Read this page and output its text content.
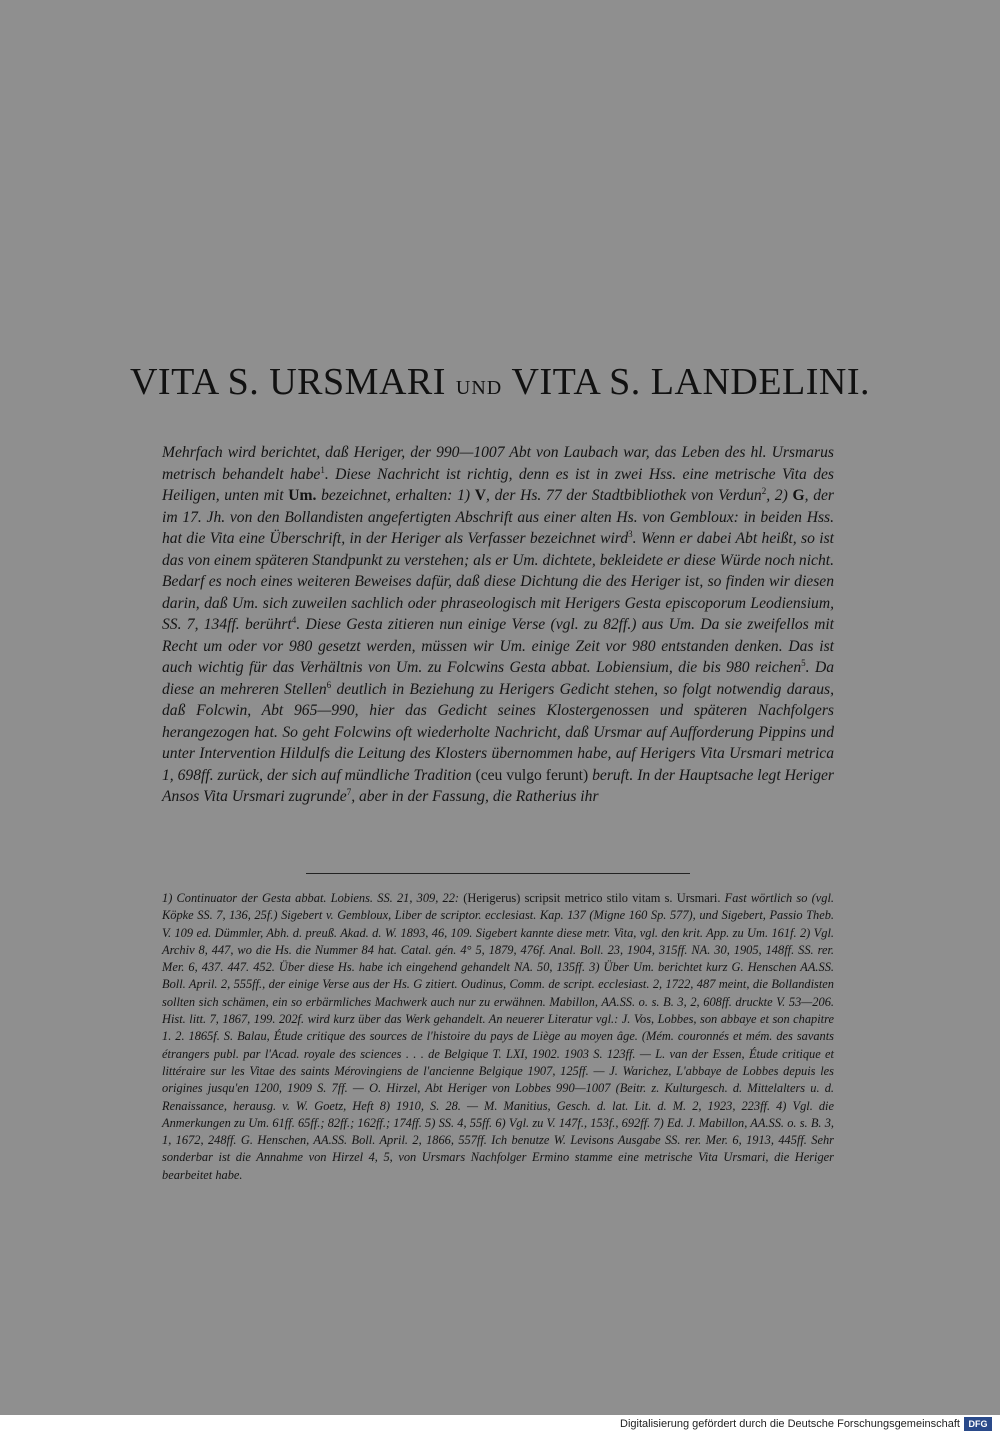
VITA S. URSMARI UND VITA S. LANDELINI.

Mehrfach wird berichtet, daß Heriger, der 990—1007 Abt von Laubach war, das Leben des hl. Ursmarus metrisch behandelt habe$^1$. Diese Nachricht ist richtig, denn es ist in zwei Hss. eine metrische Vita des Heiligen, unten mit Um. bezeichnet, erhalten: 1) V, der Hs. 77 der Stadtbibliothek von Verdun$^2$, 2) G, der im 17. Jh. von den Bollandisten angefertigten Abschrift aus einer alten Hs. von Gembloux: in beiden Hss. hat die Vita eine Überschrift, in der Heriger als Verfasser bezeichnet wird$^3$. Wenn er dabei Abt heißt, so ist das von einem späteren Standpunkt zu verstehen; als er Um. dichtete, bekleidete er diese Würde noch nicht. Bedarf es noch eines weiteren Beweises dafür, daß diese Dichtung die des Heriger ist, so finden wir diesen darin, daß Um. sich zuweilen sachlich oder phraseologisch mit Herigers Gesta episcoporum Leodiensium, SS. 7, 134ff. berührt$^4$. Diese Gesta zitieren nun einige Verse (vgl. zu 82ff.) aus Um. Da sie zweifellos mit Recht um oder vor 980 gesetzt werden, müssen wir Um. einige Zeit vor 980 entstanden denken. Das ist auch wichtig für das Verhältnis von Um. zu Folcwins Gesta abbat. Lobiensium, die bis 980 reichen$^5$. Da diese an mehreren Stellen$^6$ deutlich in Beziehung zu Herigers Gedicht stehen, so folgt notwendig daraus, daß Folcwin, Abt 965—990, hier das Gedicht seines Klostergenossen und späteren Nachfolgers herangezogen hat. So geht Folcwins oft wiederholte Nachricht, daß Ursmar auf Aufforderung Pippins und unter Intervention Hildulfs die Leitung des Klosters übernommen habe, auf Herigers Vita Ursmari metrica 1, 698ff. zurück, der sich auf mündliche Tradition (ceu vulgo ferunt) beruft. In der Hauptsache legt Heriger Ansos Vita Ursmari zugrunde$^7$, aber in der Fassung, die Ratherius ihr

1) Continuator der Gesta abbat. Lobiens. SS. 21, 309, 22: (Herigerus) scripsit metrico stilo vitam s. Ursmari. Fast wörtlich so (vgl. Köpke SS. 7, 136, 25f.) Sigebert v. Gembloux, Liber de scriptor. ecclesiast. Kap. 137 (Migne 160 Sp. 577), und Sigebert, Passio Theb. V. 109 ed. Dümmler, Abh. d. preuß. Akad. d. W. 1893, 46, 109. Sigebert kannte diese metr. Vita, vgl. den krit. App. zu Um. 161f. 2) Vgl. Archiv 8, 447, wo die Hs. die Nummer 84 hat. Catal. gén. 4° 5, 1879, 476f. Anal. Boll. 23, 1904, 315ff. NA. 30, 1905, 148ff. SS. rer. Mer. 6, 437. 447. 452. Über diese Hs. habe ich eingehend gehandelt NA. 50, 135ff. 3) Über Um. berichtet kurz G. Henschen AA.SS. Boll. April. 2, 555ff., der einige Verse aus der Hs. G zitiert. Oudinus, Comm. de script. ecclesiast. 2, 1722, 487 meint, die Bollandisten sollten sich schämen, ein so erbärmliches Machwerk auch nur zu erwähnen. Mabillon, AA.SS. o. s. B. 3, 2, 608ff. druckte V. 53—206. Hist. litt. 7, 1867, 199. 202f. wird kurz über das Werk gehandelt. An neuerer Literatur vgl.: J. Vos, Lobbes, son abbaye et son chapitre 1. 2. 1865f. S. Balau, Étude critique des sources de l'histoire du pays de Liège au moyen âge. (Mém. couronnés et mém. des savants étrangers publ. par l'Acad. royale des sciences . . . de Belgique T. LXI, 1902. 1903 S. 123ff. — L. van der Essen, Étude critique et littéraire sur les Vitae des saints Mérovingiens de l'ancienne Belgique 1907, 125ff. — J. Warichez, L'abbaye de Lobbes depuis les origines jusqu'en 1200, 1909 S. 7ff. — O. Hirzel, Abt Heriger von Lobbes 990—1007 (Beitr. z. Kulturgesch. d. Mittelalters u. d. Renaissance, herausg. v. W. Goetz, Heft 8) 1910, S. 28. — M. Manitius, Gesch. d. lat. Lit. d. M. 2, 1923, 223ff. 4) Vgl. die Anmerkungen zu Um. 61ff. 65ff.; 82ff.; 162ff.; 174ff. 5) SS. 4, 55ff. 6) Vgl. zu V. 147f., 153f., 692ff. 7) Ed. J. Mabillon, AA.SS. o. s. B. 3, 1, 1672, 248ff. G. Henschen, AA.SS. Boll. April. 2, 1866, 557ff. Ich benutze W. Levisons Ausgabe SS. rer. Mer. 6, 1913, 445ff. Sehr sonderbar ist die Annahme von Hirzel 4, 5, von Ursmars Nachfolger Ermino stamme eine metrische Vita Ursmari, die Heriger bearbeitet habe.

Digitalisierung gefördert durch die Deutsche Forschungsgemeinschaft DFG
